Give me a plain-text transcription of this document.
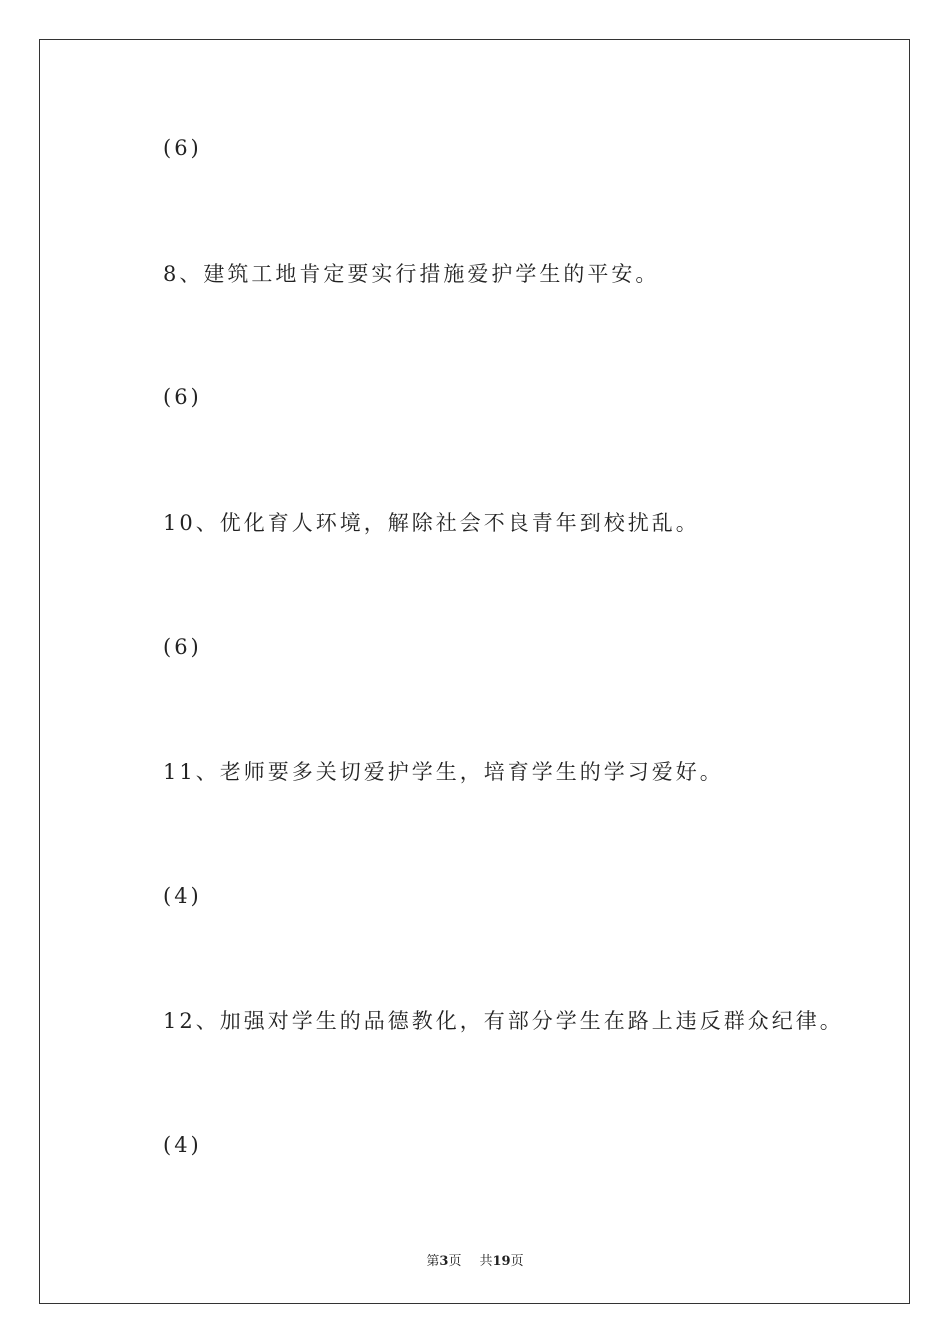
(6)
8、建筑工地肯定要实行措施爱护学生的平安。
(6)
10、优化育人环境，解除社会不良青年到校扰乱。
(6)
11、老师要多关切爱护学生，培育学生的学习爱好。
(4)
12、加强对学生的品德教化，有部分学生在路上违反群众纪律。
(4)
第3页 共19页
